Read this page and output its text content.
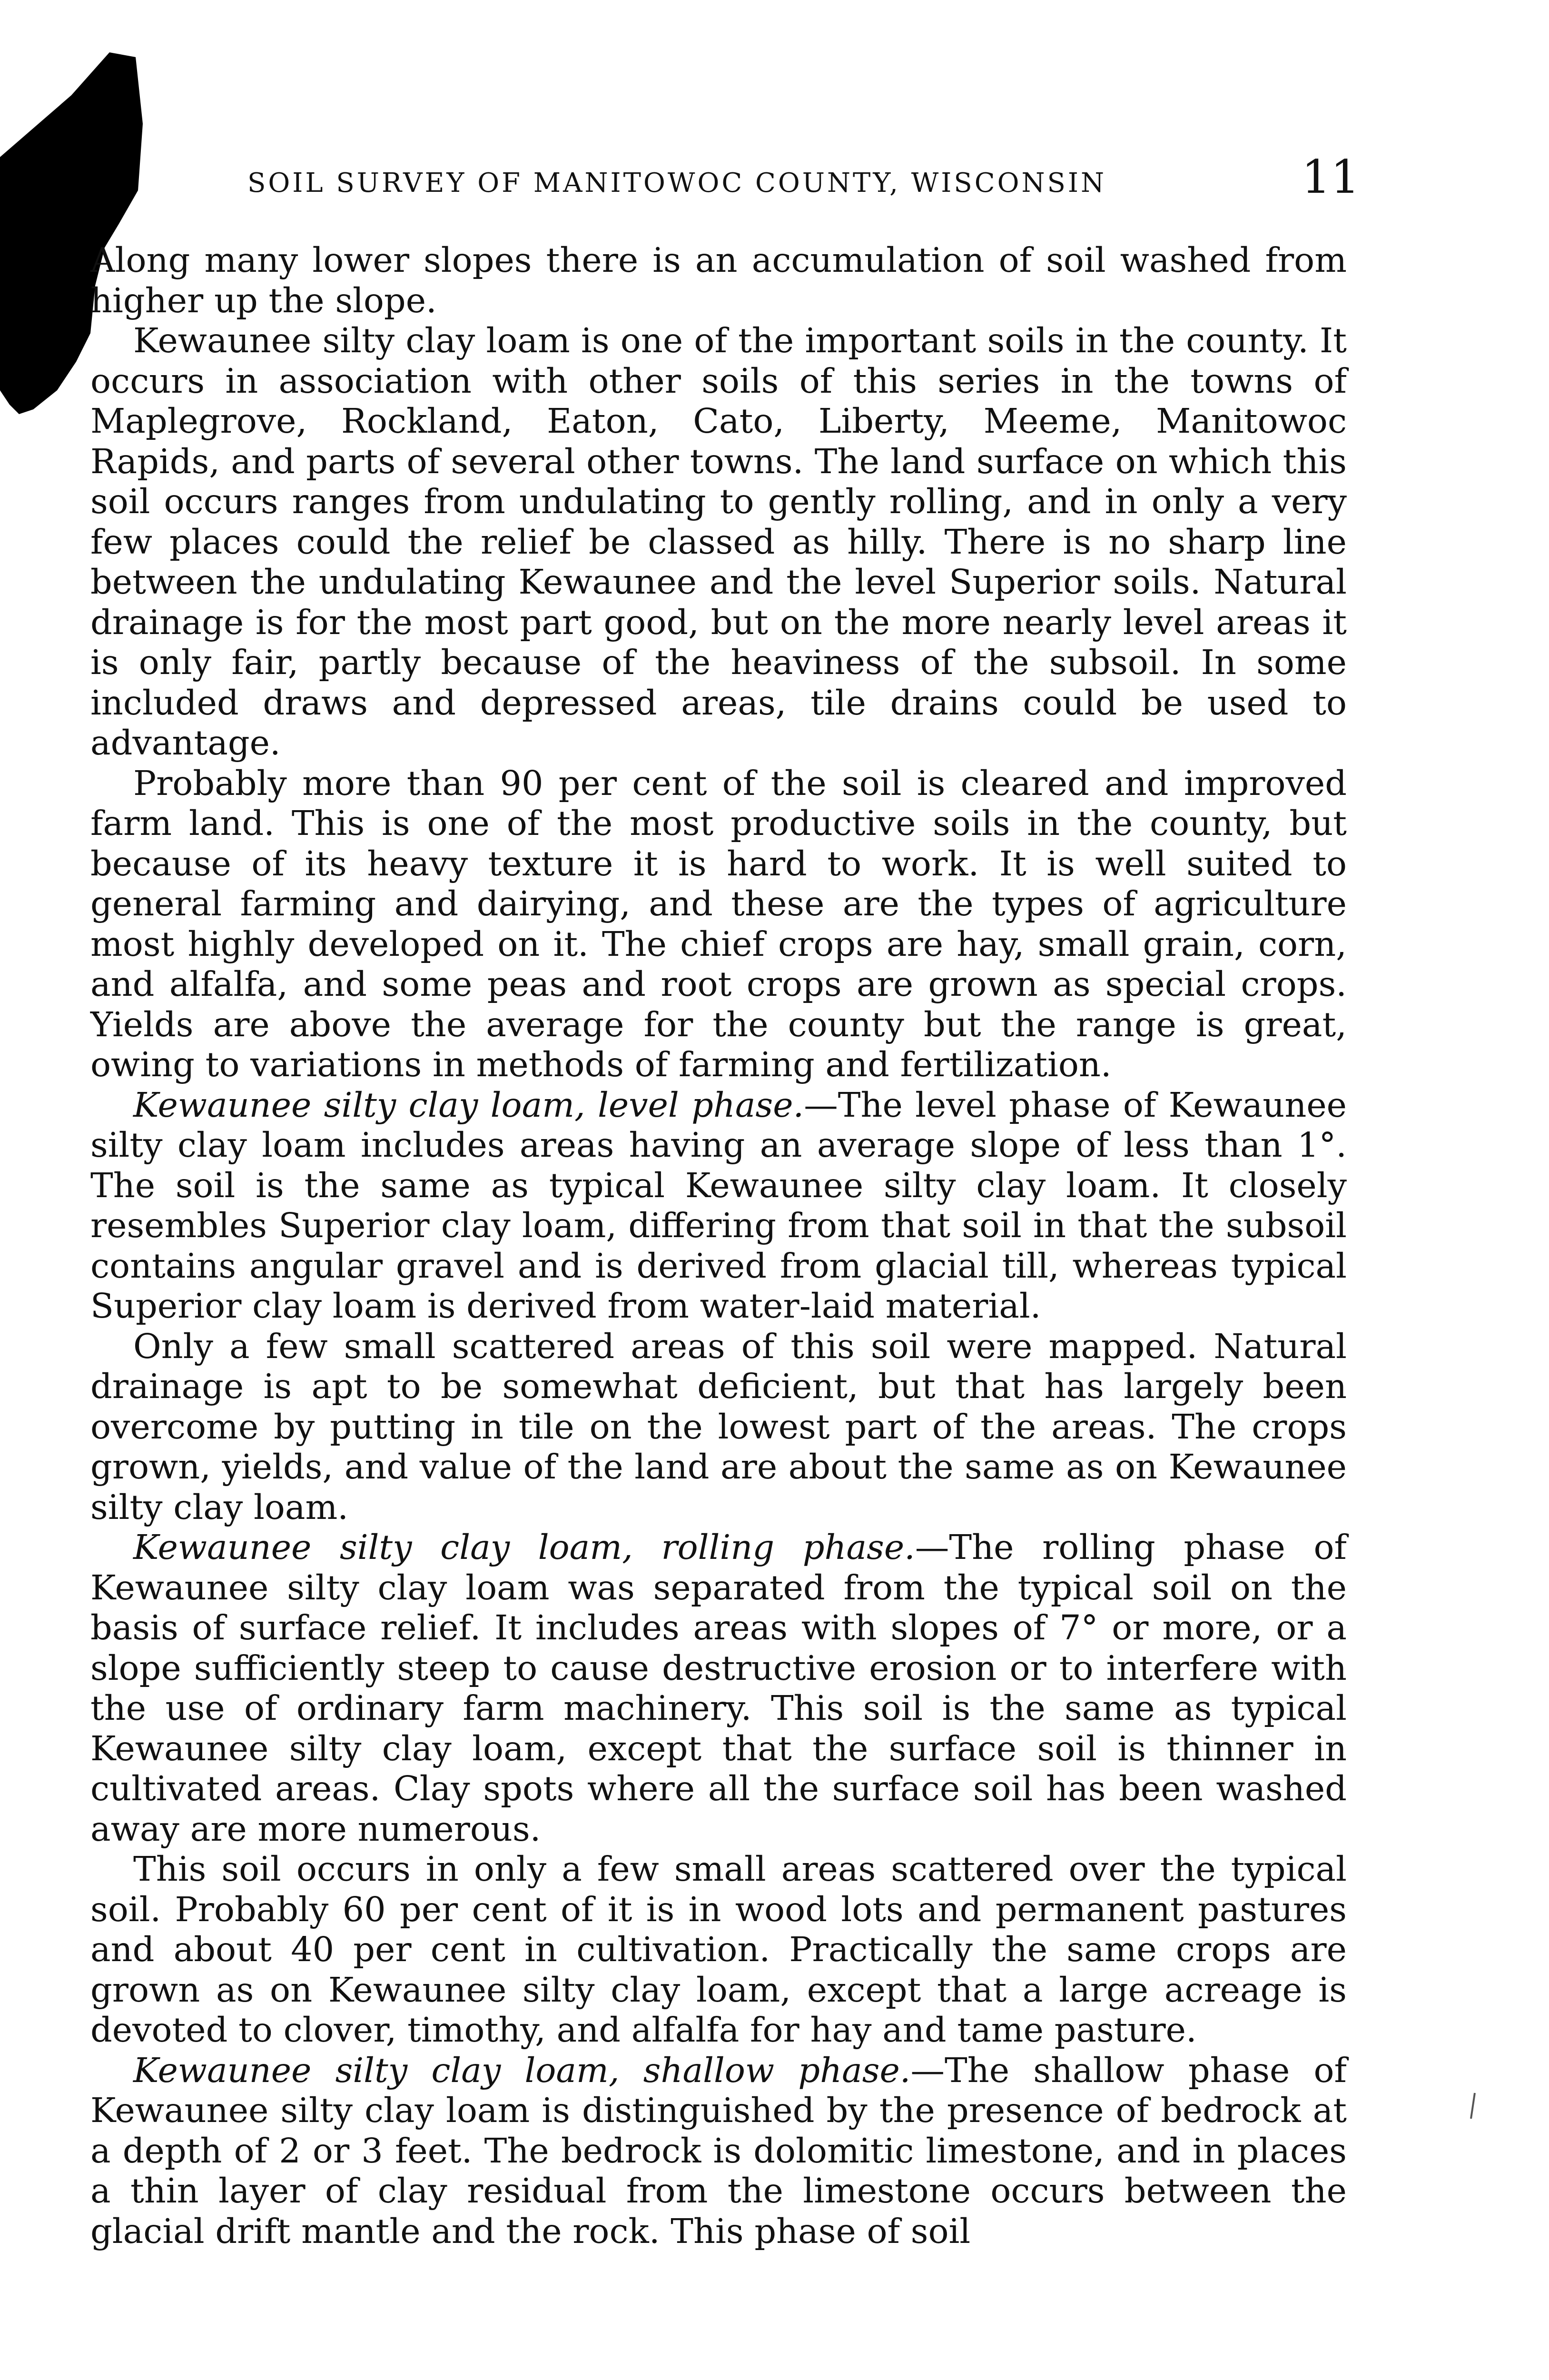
SOIL SURVEY OF MANITOWOC COUNTY, WISCONSIN	11

Along many lower slopes there is an accumulation of soil washed from higher up the slope.

Kewaunee silty clay loam is one of the important soils in the county. It occurs in association with other soils of this series in the towns of Maplegrove, Rockland, Eaton, Cato, Liberty, Meeme, Manitowoc Rapids, and parts of several other towns. The land surface on which this soil occurs ranges from undulating to gently rolling, and in only a very few places could the relief be classed as hilly. There is no sharp line between the undulating Kewaunee and the level Superior soils. Natural drainage is for the most part good, but on the more nearly level areas it is only fair, partly because of the heaviness of the subsoil. In some included draws and depressed areas, tile drains could be used to advantage.

Probably more than 90 per cent of the soil is cleared and improved farm land. This is one of the most productive soils in the county, but because of its heavy texture it is hard to work. It is well suited to general farming and dairying, and these are the types of agriculture most highly developed on it. The chief crops are hay, small grain, corn, and alfalfa, and some peas and root crops are grown as special crops. Yields are above the average for the county but the range is great, owing to variations in methods of farming and fertilization.

Kewaunee silty clay loam, level phase.—The level phase of Kewaunee silty clay loam includes areas having an average slope of less than 1°. The soil is the same as typical Kewaunee silty clay loam. It closely resembles Superior clay loam, differing from that soil in that the subsoil contains angular gravel and is derived from glacial till, whereas typical Superior clay loam is derived from water-laid material.

Only a few small scattered areas of this soil were mapped. Natural drainage is apt to be somewhat deficient, but that has largely been overcome by putting in tile on the lowest part of the areas. The crops grown, yields, and value of the land are about the same as on Kewaunee silty clay loam.

Kewaunee silty clay loam, rolling phase.—The rolling phase of Kewaunee silty clay loam was separated from the typical soil on the basis of surface relief. It includes areas with slopes of 7° or more, or a slope sufficiently steep to cause destructive erosion or to interfere with the use of ordinary farm machinery. This soil is the same as typical Kewaunee silty clay loam, except that the surface soil is thinner in cultivated areas. Clay spots where all the surface soil has been washed away are more numerous.

This soil occurs in only a few small areas scattered over the typical soil. Probably 60 per cent of it is in wood lots and permanent pastures and about 40 per cent in cultivation. Practically the same crops are grown as on Kewaunee silty clay loam, except that a large acreage is devoted to clover, timothy, and alfalfa for hay and tame pasture.

Kewaunee silty clay loam, shallow phase.—The shallow phase of Kewaunee silty clay loam is distinguished by the presence of bedrock at a depth of 2 or 3 feet. The bedrock is dolomitic limestone, and in places a thin layer of clay residual from the limestone occurs between the glacial drift mantle and the rock. This phase of soil
